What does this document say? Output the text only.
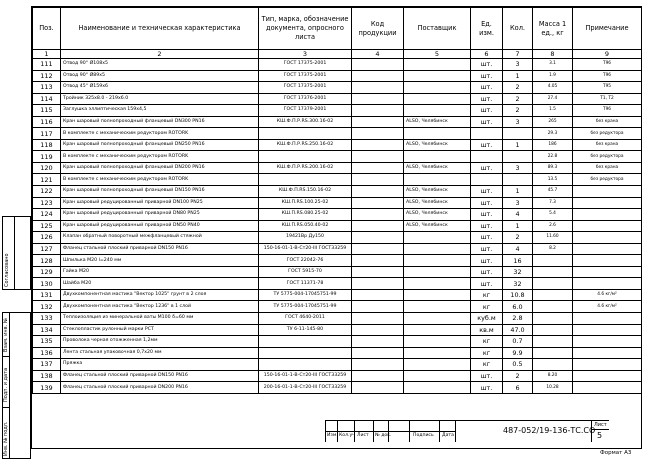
Поз.	Наименование и техническая характеристика	Тип, марка, обозначение документа, опросного листа	Код продукции	Поставщик	Ед. изм.	Кол.	Масса 1 ед., кг	Примечание
1	2	3	4	5	6	7	8	9
111	Отвод 90° Ø108х5	ГОСТ 17375-2001			шт.	3	3.1	Т96
112	Отвод 90° Ø89х5	ГОСТ 17375-2001			шт.	1	1.9	Т96
113	Отвод 45° Ø159х6	ГОСТ 17375-2001			шт.	2	4.05	Т95
114	Тройник 325х8.0 - 219х6.0	ГОСТ 17376-2001			шт.	2	27.4	Т1, Т2
115	Заглушка эллиптическая 159х4,5	ГОСТ 17379-2001			шт.	2	1.5	Т96
116	Кран шаровый полнопроходный фланцевый DN300 PN16	КШ.Ф.П.Р.RS.300.16-02		ALSO, Челябинск	шт.	3	265	без крана
117	В комплекте с механическим редуктором ROTORK						29.3	без редуктора
118	Кран шаровый полнопроходный фланцевый DN250 PN16	КШ.Ф.П.Р.RS.250.16-02		ALSO, Челябинск	шт.	1	186	без крана
119	В комплекте с механическим редуктором ROTORK						22.8	без редуктора
120	Кран шаровый полнопроходный фланцевый DN200 PN16	КШ.Ф.П.Р.RS.200.16-02		ALSO, Челябинск	шт.	3	89.3	без крана
121	В комплекте с механическим редуктором ROTORK						13.5	без редуктора
122	Кран шаровый полнопроходный фланцевый DN150 PN16	КШ.Ф.П.RS.150.16-02		ALSO, Челябинск	шт.	1	45.7	
123	Кран шаровый редуцированный приварной DN100 PN25	КШ.П.RS.100.25-02		ALSO, Челябинск	шт.	3	7.3	
124	Кран шаровый редуцированный приварной DN80 PN25	КШ.П.RS.080.25-02		ALSO, Челябинск	шт.	4	5.4	
125	Кран шаровый редуцированный приварной DN50 PN40	КШ.П.RS.050.40-02		ALSO, Челябинск	шт.	1	2.6	
126	Клапан обратный поворотный межфланцевый стяжной	19421Вр Ду150			шт.	2	11.60	
127	Фланец стальной плоский приварной DN150 PN16	150-16-01-1-В-Ст20-III ГОСТ33259			шт.	4	8.2	
128	Шпилька М20 l=240 мм	ГОСТ 22042-76			шт.	16		
129	Гайка М20	ГОСТ 5915-70			шт.	32		
130	Шайба М20	ГОСТ 11371-78			шт.	32		
131	Двухкомпонентная мастика "Вектор 1025" грунт в 2 слоя	ТУ 5775-004-17045751-99			кг	10.8		4.6 кг/м²
132	Двухкомпонентная мастика "Вектор 1236" в 1 слой	ТУ 5775-004-17045751-99			кг	6.0		4.6 кг/м²
133	Теплоизоляция из минеральной ваты М100 δ=60 мм	ГОСТ 4640-2011			куб.м	2.8		
134	Стеклопластик рулонный марки РСТ	ТУ 6-11-145-80			кв.м	47.0		
135	Проволока черная отожженная 1,2мм				кг	0.7		
136	Лента стальная упаковочная 0,7х20 мм				кг	9.9		
137	Пряжка				кг	0.5		
138	Фланец стальной плоский приварной DN150 PN16	150-16-01-1-В-Ст20-III ГОСТ33259			шт.	2	8.20	
139	Фланец стальной плоский приварной DN200 PN16	200-16-01-1-В-Ст20-III ГОСТ33259			шт.	6	10.28	
Согласовано
Взам. инв. №
Подп. и дата
Инв. № подл.	Изм. Кол.уч Лист № док.	Подпись Дата
487-052/19-136-ТС.СО
Лист
5
Формат А3
